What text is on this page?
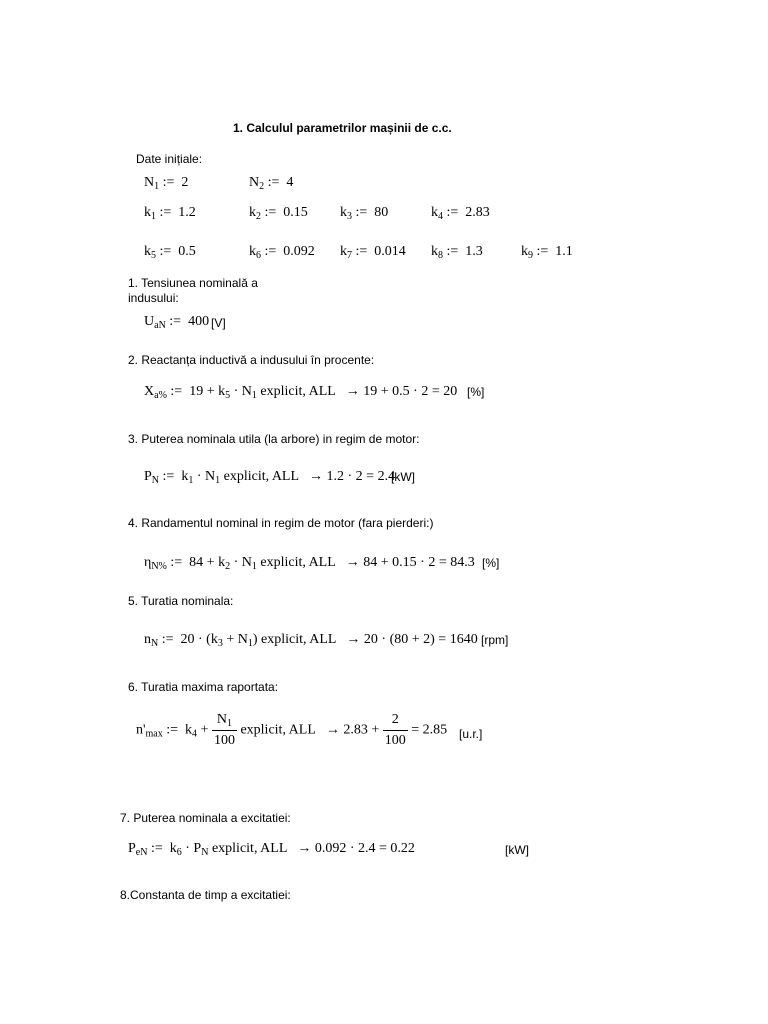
1. Calculul parametrilor mașinii de c.c.
Date inițiale:
$N_1$ :=  2	$N_2$ :=  4
$k_1$ :=  1.2	$k_2$ :=  0.15 $k_3$ :=  80	$k_4$ :=  2.83
$k_5$ :=  0.5	$k_6$ :=  0.092 $k_7$ :=  0.014 $k_8$ :=  1.3	$k_9$ :=  1.1
1. Tensiunea nominală a
indusului:
$U_{aN}$ :=  400 [V]
2. Reactanța inductivă a indusului în procente:
$X_{a\%}$ :=  $19 + k_5 \cdot N_1$ explicit, ALL   → 19 + 0.5 · 2 = 20 [%]
3. Puterea nominala utila (la arbore) in regim de motor:
$P_N$ :=  $k_1 \cdot N_1$ explicit, ALL   → 1.2 · 2 = 2.4
[kW]
4. Randamentul nominal in regim de motor (fara pierderi:)
$\eta_{N\%}$ :=  $84 + k_2 \cdot N_1$ explicit, ALL   → 84 + 0.15 · 2 = 84.3 [%]
5. Turatia nominala:
$n_N$ :=  $20 \cdot (k_3 + N_1)$ explicit, ALL   → 20 · (80 + 2) = 1640 [rpm]
6. Turatia maxima raportata:
$n'_{max}$ :=  $k_4 + \frac{N_1}{100}$ explicit, ALL   → $2.83 + \frac{2}{100} = 2.85$ [u.r.]
7. Puterea nominala a excitatiei:
$P_{eN}$ :=  $k_6 \cdot P_N$ explicit, ALL   → 0.092 · 2.4 = 0.22	[kW]
8.Constanta de timp a excitatiei:
